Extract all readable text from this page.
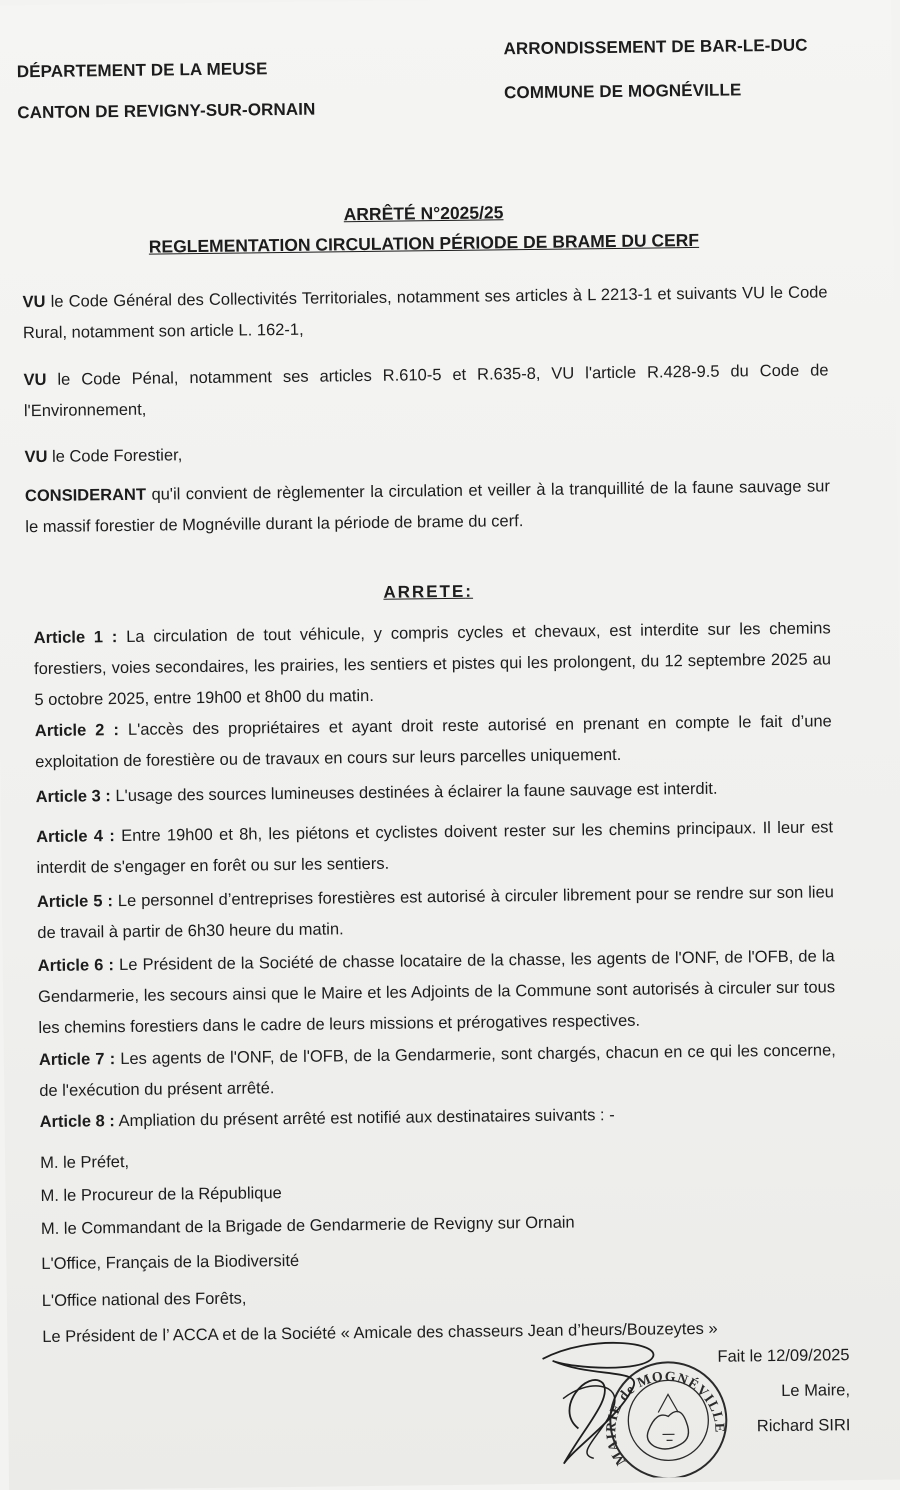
DÉPARTEMENT DE LA MEUSE
CANTON DE REVIGNY-SUR-ORNAIN
ARRONDISSEMENT DE BAR-LE-DUC
COMMUNE DE MOGNÉVILLE
ARRÊTÉ N°2025/25
REGLEMENTATION CIRCULATION PÉRIODE DE BRAME DU CERF
VU le Code Général des Collectivités Territoriales, notamment ses articles à L 2213-1 et suivants VU le Code Rural, notamment son article L. 162-1,
VU le Code Pénal, notamment ses articles R.610-5 et R.635-8, VU l'article R.428-9.5 du Code de l'Environnement,
VU le Code Forestier,
CONSIDERANT qu'il convient de règlementer la circulation et veiller à la tranquillité de la faune sauvage sur le massif forestier de Mognéville durant la période de brame du cerf.
ARRETE:
Article 1 : La circulation de tout véhicule, y compris cycles et chevaux, est interdite sur les chemins forestiers, voies secondaires, les prairies, les sentiers et pistes qui les prolongent, du 12 septembre 2025 au 5 octobre 2025, entre 19h00 et 8h00 du matin.
Article 2 : L'accès des propriétaires et ayant droit reste autorisé en prenant en compte le fait d’une exploitation de forestière ou de travaux en cours sur leurs parcelles uniquement.
Article 3 : L'usage des sources lumineuses destinées à éclairer la faune sauvage est interdit.
Article 4 : Entre 19h00 et 8h, les piétons et cyclistes doivent rester sur les chemins principaux. Il leur est interdit de s'engager en forêt ou sur les sentiers.
Article 5 : Le personnel d’entreprises forestières est autorisé à circuler librement pour se rendre sur son lieu de travail à partir de 6h30 heure du matin.
Article 6 : Le Président de la Société de chasse locataire de la chasse, les agents de l'ONF, de l'OFB, de la Gendarmerie, les secours ainsi que le Maire et les Adjoints de la Commune sont autorisés à circuler sur tous les chemins forestiers dans le cadre de leurs missions et prérogatives respectives.
Article 7 : Les agents de l'ONF, de l'OFB, de la Gendarmerie, sont chargés, chacun en ce qui les concerne, de l'exécution du présent arrêté.
Article 8 : Ampliation du présent arrêté est notifié aux destinataires suivants : -
M. le Préfet,
M. le Procureur de la République
M. le Commandant de la Brigade de Gendarmerie de Revigny sur Ornain
L'Office, Français de la Biodiversité
L'Office national des Forêts,
Le Président de l’ ACCA et de la Société « Amicale des chasseurs Jean d’heurs/Bouzeytes »
MAIRIE de MOGNÉVILLE
Fait le 12/09/2025
Le Maire,
Richard SIRI
